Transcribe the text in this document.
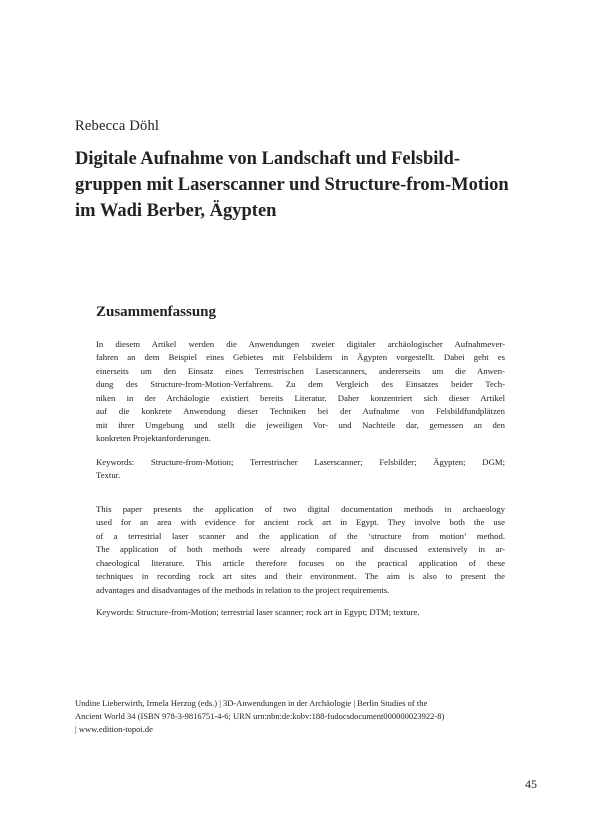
Rebecca Döhl
Digitale Aufnahme von Landschaft und Felsbild-
gruppen mit Laserscanner und Structure-from-Motion
im Wadi Berber, Ägypten
Zusammenfassung

In diesem Artikel werden die Anwendungen zweier digitaler archäologischer Aufnahmever-
fahren an dem Beispiel eines Gebietes mit Felsbildern in Ägypten vorgestellt. Dabei geht es
einerseits um den Einsatz eines Terrestrischen Laserscanners, andererseits um die Anwen-
dung des Structure-from-Motion-Verfahrens. Zu dem Vergleich des Einsatzes beider Tech-
niken in der Archäologie existiert bereits Literatur. Daher konzentriert sich dieser Artikel
auf die konkrete Anwendung dieser Techniken bei der Aufnahme von Felsbildfundplätzen
mit ihrer Umgebung und stellt die jeweiligen Vor- und Nachteile dar, gemessen an den
konkreten Projektanforderungen.

Keywords: Structure-from-Motion; Terrestrischer Laserscanner; Felsbilder; Ägypten; DGM;
Textur.

This paper presents the application of two digital documentation methods in archaeology
used for an area with evidence for ancient rock art in Egypt. They involve both the use
of a terrestrial laser scanner and the application of the ‘structure from motion’ method.
The application of both methods were already compared and discussed extensively in ar-
chaeological literature. This article therefore focuses on the practical application of these
techniques in recording rock art sites and their environment. The aim is also to present the
advantages and disadvantages of the methods in relation to the project requirements.

Keywords: Structure-from-Motion; terrestrial laser scanner; rock art in Egypt; DTM; texture.

Undine Lieberwirth, Irmela Herzog (eds.) | 3D-Anwendungen in der Archäologie | Berlin Studies of the
Ancient World 34 (ISBN 978-3-9816751-4-6; URN urn:nbn:de:kobv:188-fudocsdocument000000023922-8)
| www.edition-topoi.de
45
